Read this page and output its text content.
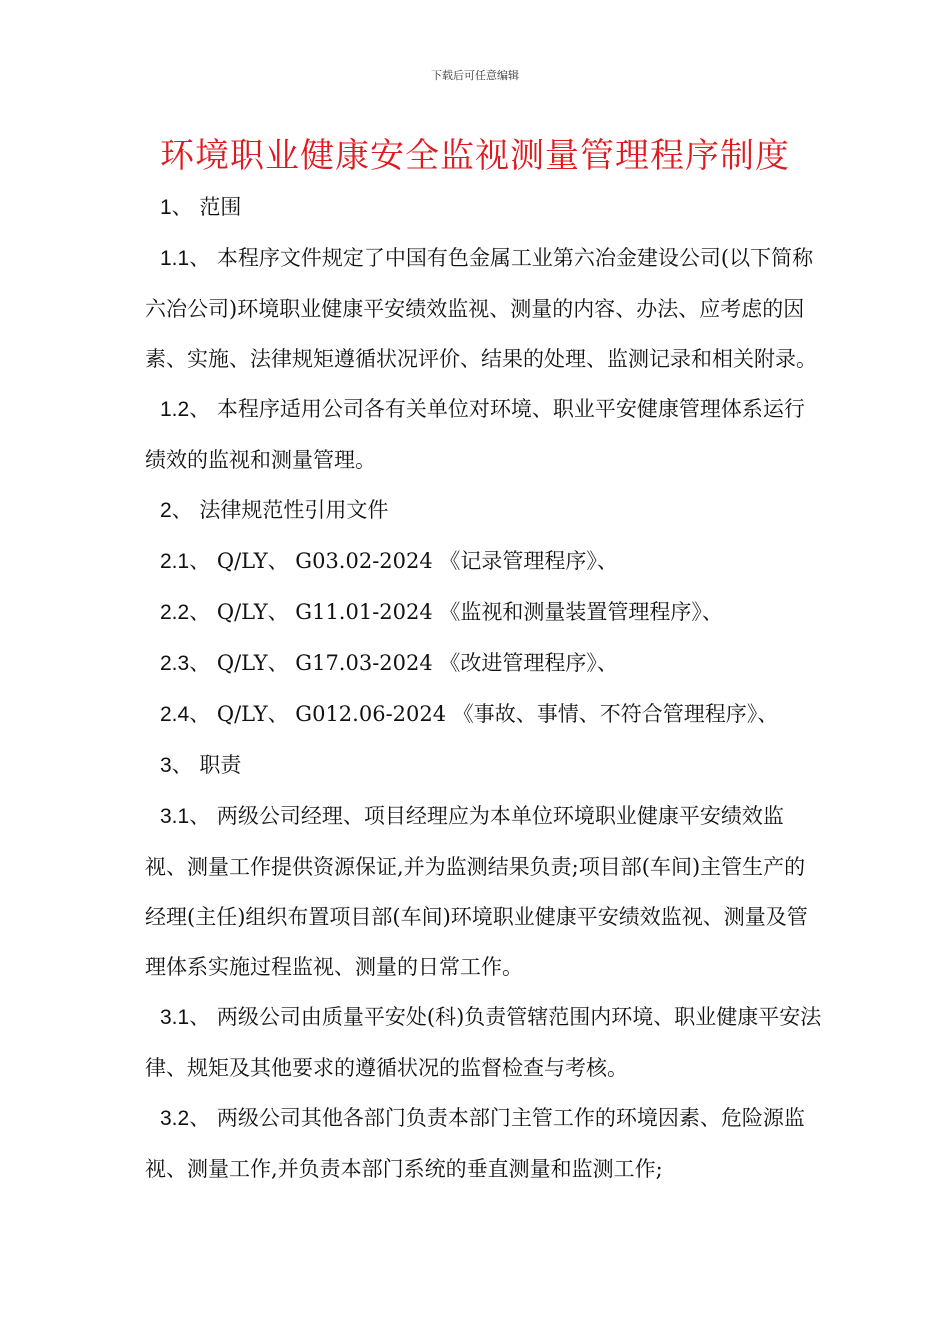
下载后可任意编辑
环境职业健康安全监视测量管理程序制度

1、 范围

1.1、 本程序文件规定了中国有色金属工业第六冶金建设公司(以下简称六冶公司)环境职业健康平安绩效监视、测量的内容、办法、应考虑的因素、实施、法律规矩遵循状况评价、结果的处理、监测记录和相关附录。

1.2、 本程序适用公司各有关单位对环境、职业平安健康管理体系运行绩效的监视和测量管理。

2、 法律规范性引用文件

2.1、 Q/LY、 G03.02-2024 《记录管理程序》、

2.2、 Q/LY、 G11.01-2024 《监视和测量装置管理程序》、

2.3、 Q/LY、 G17.03-2024 《改进管理程序》、

2.4、 Q/LY、 G012.06-2024 《事故、事情、不符合管理程序》、

3、 职责

3.1、 两级公司经理、项目经理应为本单位环境职业健康平安绩效监视、测量工作提供资源保证,并为监测结果负责;项目部(车间)主管生产的经理(主任)组织布置项目部(车间)环境职业健康平安绩效监视、测量及管理体系实施过程监视、测量的日常工作。

3.1、 两级公司由质量平安处(科)负责管辖范围内环境、职业健康平安法律、规矩及其他要求的遵循状况的监督检查与考核。

3.2、 两级公司其他各部门负责本部门主管工作的环境因素、危险源监视、测量工作,并负责本部门系统的垂直测量和监测工作;
